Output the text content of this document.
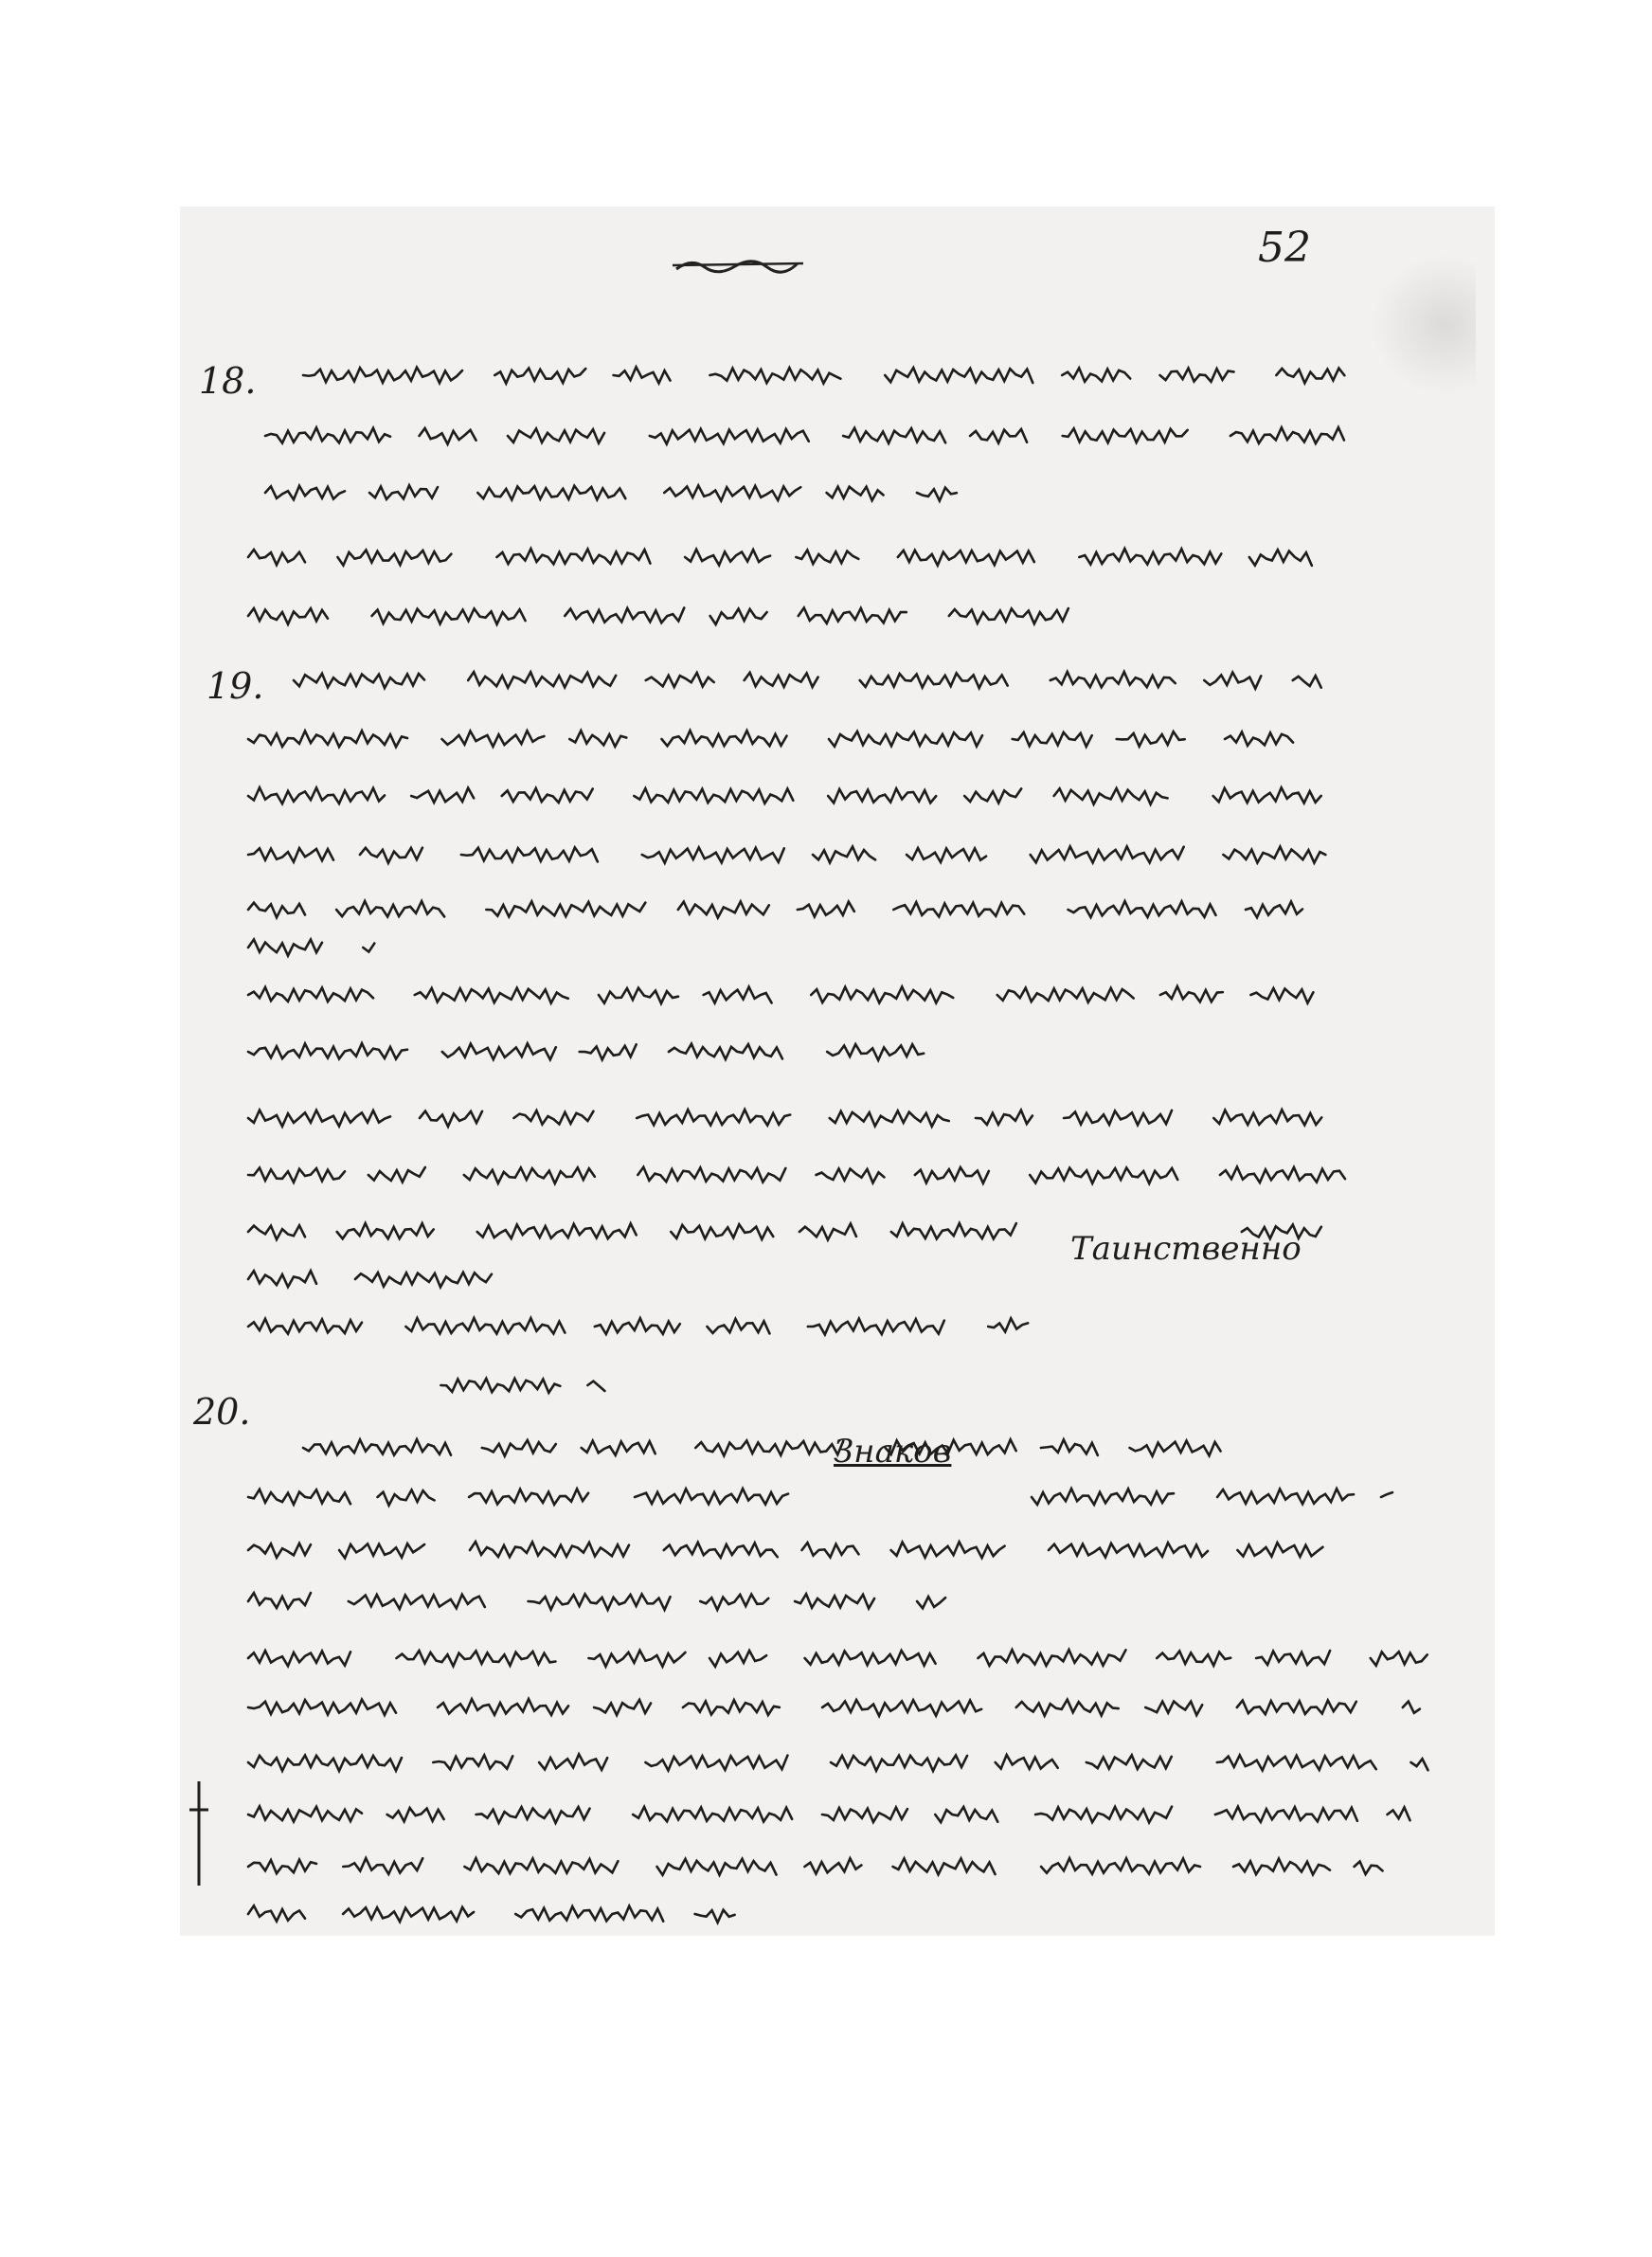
52
18.
19.
20.
Таинственно
Знаков
